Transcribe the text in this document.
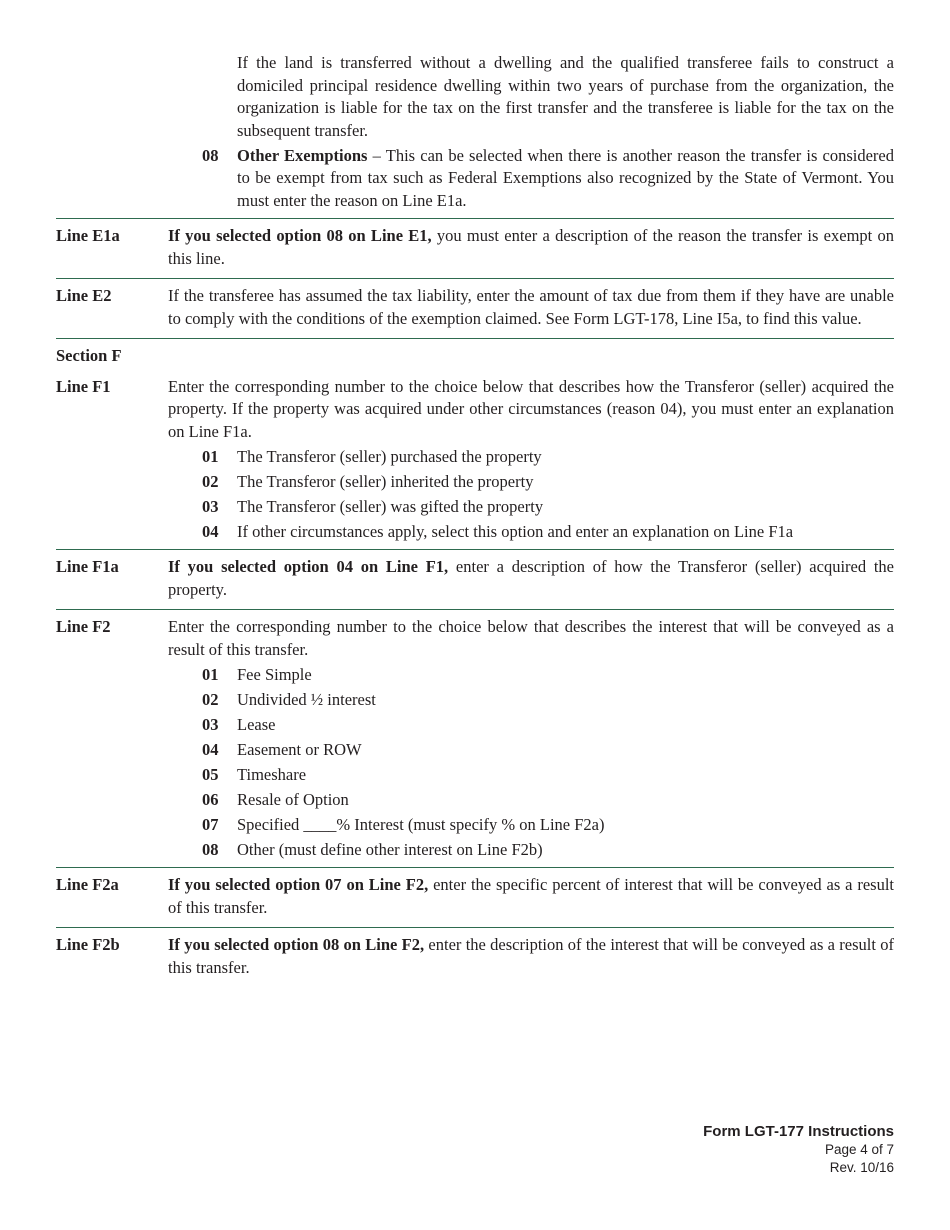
If the land is transferred without a dwelling and the qualified transferee fails to construct a domiciled principal residence dwelling within two years of purchase from the organization, the organization is liable for the tax on the first transfer and the transferee is liable for the tax on the subsequent transfer.

08	Other Exemptions – This can be selected when there is another reason the transfer is considered to be exempt from tax such as Federal Exemptions also recognized by the State of Vermont. You must enter the reason on Line E1a.
Line E1a	If you selected option 08 on Line E1, you must enter a description of the reason the transfer is exempt on this line.

Line E2	If the transferee has assumed the tax liability, enter the amount of tax due from them if they have are unable to comply with the conditions of the exemption claimed. See Form LGT-178, Line I5a, to find this value.

Section F
Line F1	Enter the corresponding number to the choice below that describes how the Transferor (seller) acquired the property. If the property was acquired under other circumstances (reason 04), you must enter an explanation on Line F1a.

01	The Transferor (seller) purchased the property
02	The Transferor (seller) inherited the property
03	The Transferor (seller) was gifted the property
04	If other circumstances apply, select this option and enter an explanation on Line F1a
Line F1a	If you selected option 04 on Line F1, enter a description of how the Transferor (seller) acquired the property.

Line F2	Enter the corresponding number to the choice below that describes the interest that will be conveyed as a result of this transfer.

01	Fee Simple
02	Undivided ½ interest
03	Lease
04	Easement or ROW
05	Timeshare
06	Resale of Option
07	Specified ____% Interest (must specify % on Line F2a)
08	Other (must define other interest on Line F2b)
Line F2a	If you selected option 07 on Line F2, enter the specific percent of interest that will be conveyed as a result of this transfer.

Line F2b	If you selected option 08 on Line F2, enter the description of the interest that will be conveyed as a result of this transfer.

Form LGT-177 Instructions
Page 4 of 7
Rev. 10/16
